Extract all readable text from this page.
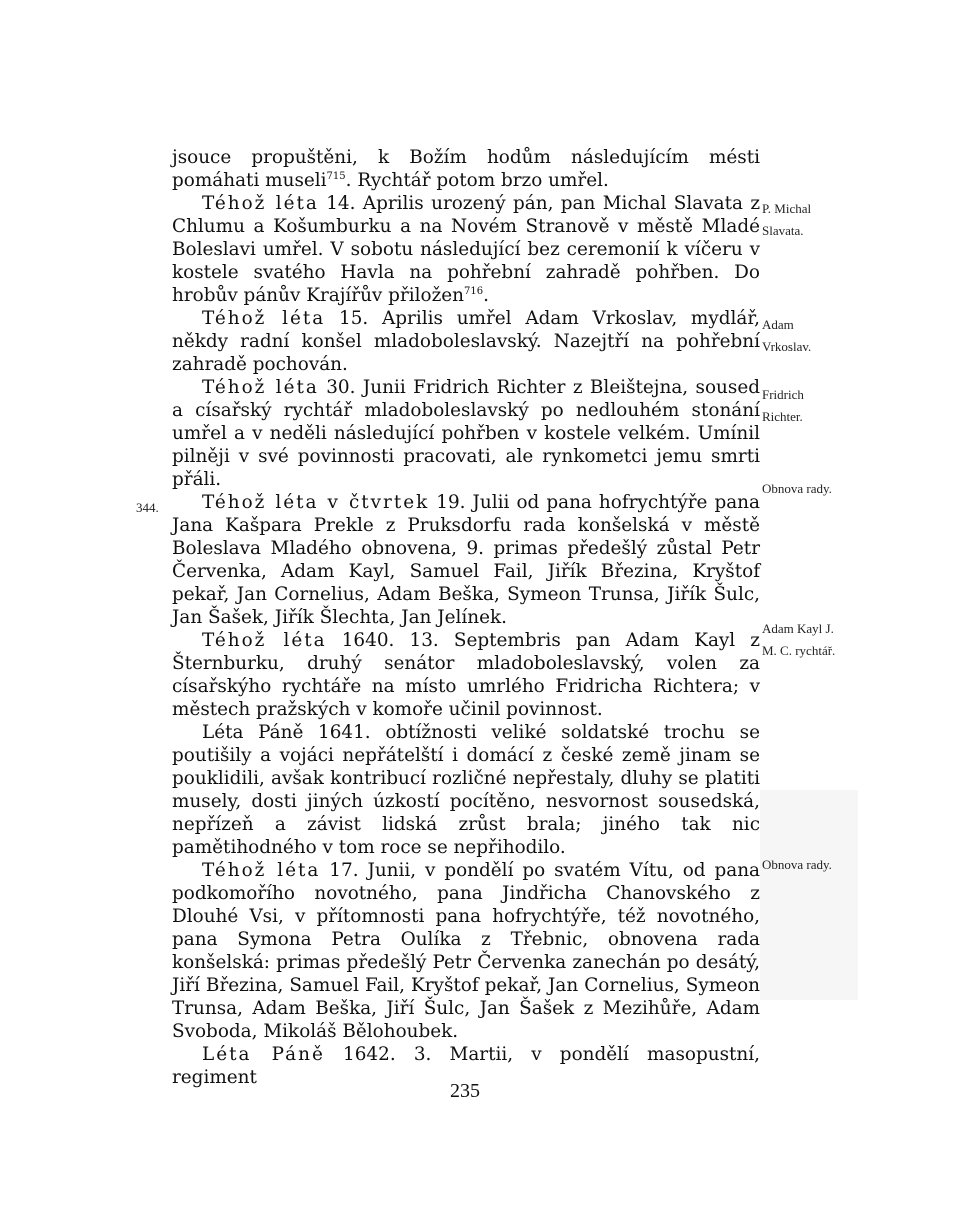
jsouce propuštěni, k Božím hodům následujícím mésti pomáhati museli$^{715}$. Rychtář potom brzo umřel.

Téhož léta 14. Aprilis urozený pán, pan Michal Slavata z Chlumu a Košumburku a na Novém Stranově v městě Mladé Boleslavi umřel. V sobotu následující bez ceremonií k víčeru v kostele svatého Havla na pohřební zahradě pohřben. Do hrobův pánův Krajířův přiložen$^{716}$.

Téhož léta 15. Aprilis umřel Adam Vrkoslav, mydlář, někdy radní konšel mladoboleslavský. Nazejtří na pohřební zahradě pochován.

Téhož léta 30. Junii Fridrich Richter z Bleištejna, soused a císařský rychtář mladoboleslavský po nedlouhém stonání umřel a v neděli následující pohřben v kostele velkém. Umínil pilněji v své povinnosti pracovati, ale rynkometci jemu smrti přáli.

Téhož léta v čtvrtek 19. Julii od pana hofrychtýře pana Jana Kašpara Prekle z Pruksdorfu rada konšelská v městě Boleslava Mladého obnovena, 9. primas předešlý zůstal Petr Červenka, Adam Kayl, Samuel Fail, Jiřík Březina, Kryštof pekař, Jan Cornelius, Adam Beška, Symeon Trunsa, Jiřík Šulc, Jan Šašek, Jiřík Šlechta, Jan Jelínek.

Téhož léta 1640. 13. Septembris pan Adam Kayl z Šternburku, druhý senátor mladoboleslavský, volen za císařskýho rychtáře na místo umrlého Fridricha Richtera; v městech pražských v komoře učinil povinnost.

Léta Páně 1641. obtížnosti veliké soldatské trochu se poutišily a vojáci nepřátelští i domácí z české země jinam se pouklidili, avšak kontribucí rozličné nepřestaly, dluhy se platiti musely, dosti jiných úzkostí pocítěno, nesvornost sousedská, nepřízeň a závist lidská zrůst brala; jiného tak nic pamětihodného v tom roce se nepřihodilo.

Téhož léta 17. Junii, v pondělí po svatém Vítu, od pana podkomořího novotného, pana Jindřicha Chanovského z Dlouhé Vsi, v přítomnosti pana hofrychtýře, též novotného, pana Symona Petra Oulíka z Třebnic, obnovena rada konšelská: primas předešlý Petr Červenka zanechán po desátý, Jiří Březina, Samuel Fail, Kryštof pekař, Jan Cornelius, Symeon Trunsa, Adam Beška, Jiří Šulc, Jan Šašek z Mezihůře, Adam Svoboda, Mikoláš Bělohoubek.

Léta Páně 1642. 3. Martii, v pondělí masopustní, regiment

P. Michal Slavata.
Adam Vrkoslav.
Fridrich Richter.
Obnova rady.
Adam Kayl J. M. C. rychtář.
Obnova rady.
344.
235
